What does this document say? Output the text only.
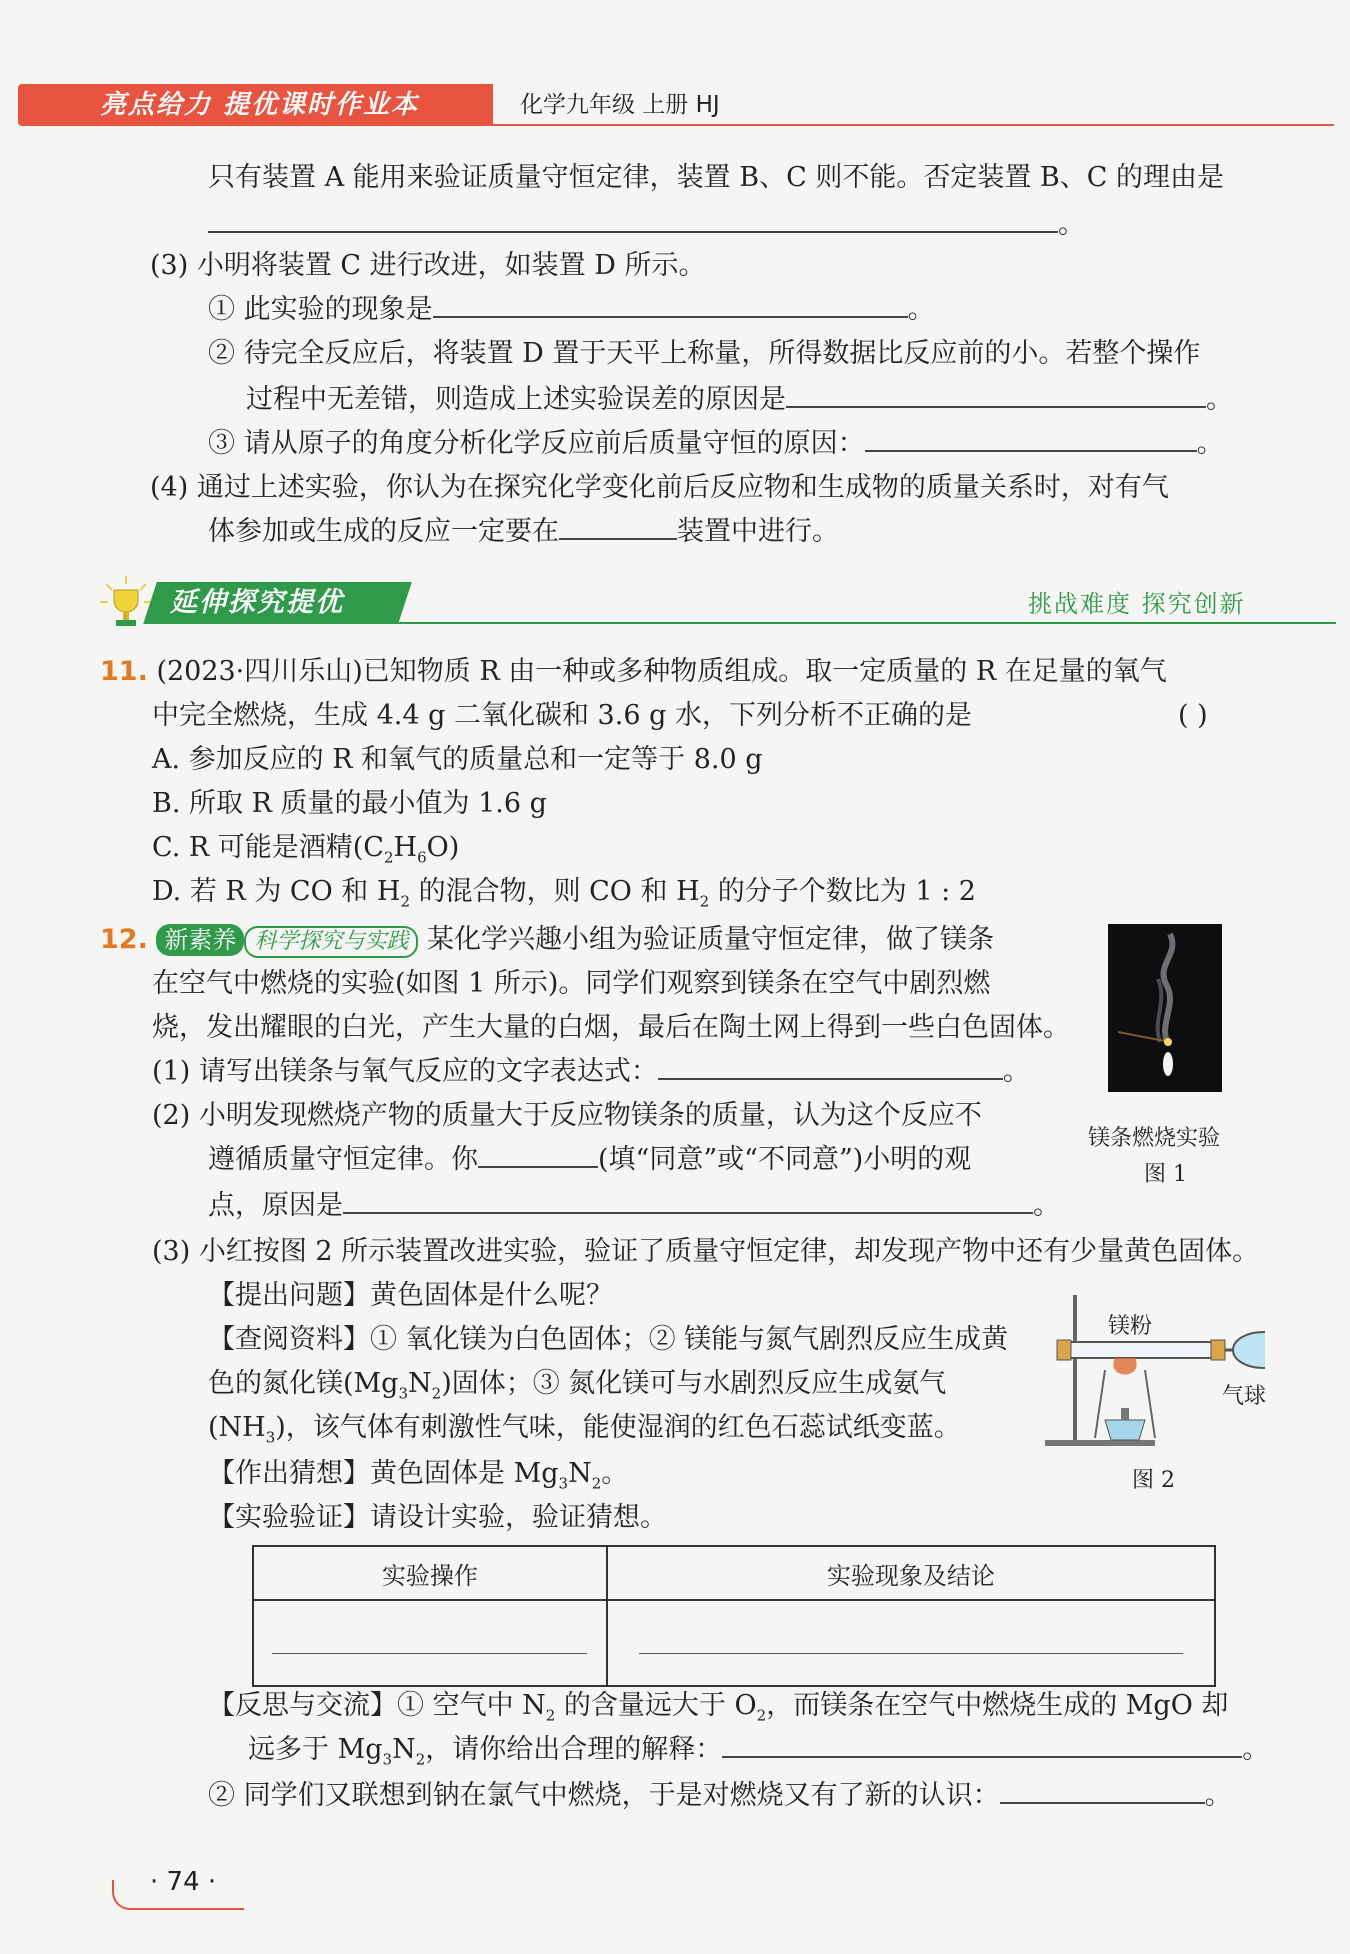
亮点给力 提优课时作业本	化学九年级 上册 HJ
只有装置 A 能用来验证质量守恒定律，装置 B、C 则不能。否定装置 B、C 的理由是
。
(3) 小明将装置 C 进行改进，如装置 D 所示。
① 此实验的现象是	。
② 待完全反应后，将装置 D 置于天平上称量，所得数据比反应前的小。若整个操作
过程中无差错，则造成上述实验误差的原因是	。
③ 请从原子的角度分析化学反应前后质量守恒的原因：	。
(4) 通过上述实验，你认为在探究化学变化前后反应物和生成物的质量关系时，对有气
体参加或生成的反应一定要在	装置中进行。
延伸探究提优	挑战难度 探究创新
11. (2023·四川乐山)已知物质 R 由一种或多种物质组成。取一定质量的 R 在足量的氧气
中完全燃烧，生成 4.4 g 二氧化碳和 3.6 g 水，下列分析不正确的是	( )
A. 参加反应的 R 和氧气的质量总和一定等于 8.0 g
B. 所取 R 质量的最小值为 1.6 g
C. R 可能是酒精$(C_2H_6O)$
D. 若 R 为 CO 和 $H_2$ 的混合物，则 CO 和 $H_2$ 的分子个数比为 1 : 2
12. 新素养 科学探究与实践 某化学兴趣小组为验证质量守恒定律，做了镁条
在空气中燃烧的实验(如图 1 所示)。同学们观察到镁条在空气中剧烈燃
烧，发出耀眼的白光，产生大量的白烟，最后在陶土网上得到一些白色固体。
(1) 请写出镁条与氧气反应的文字表达式：	。
(2) 小明发现燃烧产物的质量大于反应物镁条的质量，认为这个反应不
遵循质量守恒定律。你	(填“同意”或“不同意”)小明的观
点，原因是	。
镁条燃烧实验
图 1
(3) 小红按图 2 所示装置改进实验，验证了质量守恒定律，却发现产物中还有少量黄色固体。
【提出问题】黄色固体是什么呢？
【查阅资料】① 氧化镁为白色固体；② 镁能与氮气剧烈反应生成黄
色的氮化镁$(Mg_3N_2)$固体；③ 氮化镁可与水剧烈反应生成氨气
$(NH_3)$，该气体有刺激性气味，能使湿润的红色石蕊试纸变蓝。
【作出猜想】黄色固体是 $Mg_3N_2$。
【实验验证】请设计实验，验证猜想。
镁粉
气球
图 2
实验操作	实验现象及结论

【反思与交流】① 空气中 $N_2$ 的含量远大于 $O_2$，而镁条在空气中燃烧生成的 MgO 却
远多于 $Mg_3N_2$，请你给出合理的解释：	。
② 同学们又联想到钠在氯气中燃烧，于是对燃烧又有了新的认识：	。
· 74 ·
